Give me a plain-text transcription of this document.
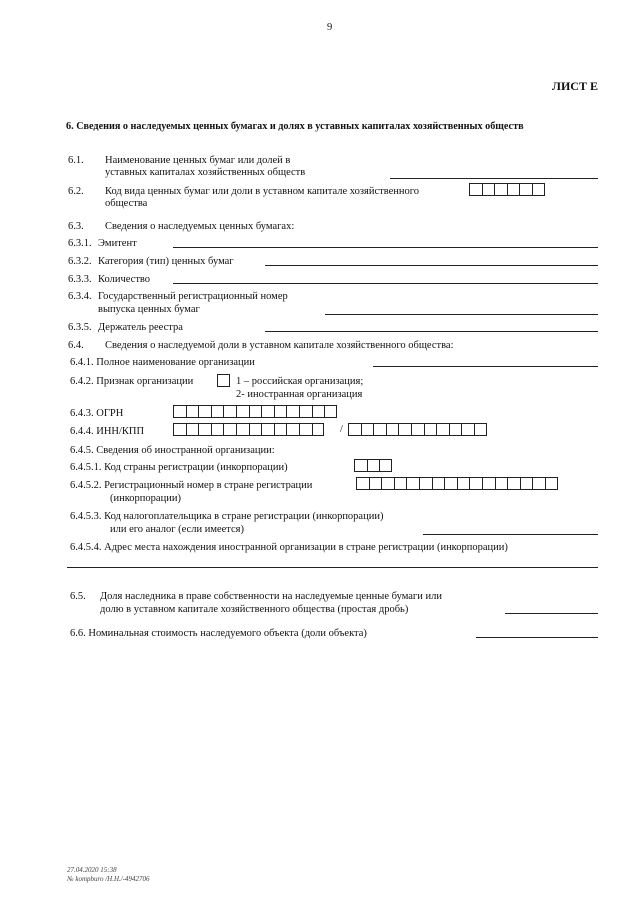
9
ЛИСТ Е
6. Сведения о наследуемых ценных бумагах и долях в уставных капиталах хозяйственных обществ
6.1. Наименование ценных бумаг или долей в
уставных капиталах хозяйственных обществ
6.2. Код вида ценных бумаг или доли в уставном капитале хозяйственного
общества
6.3. Сведения о наследуемых ценных бумагах:
6.3.1. Эмитент
6.3.2. Категория (тип) ценных бумаг
6.3.3. Количество
6.3.4. Государственный регистрационный номер
выпуска ценных бумаг
6.3.5. Держатель реестра
6.4. Сведения о наследуемой доли в уставном капитале хозяйственного общества:
6.4.1. Полное наименование организации
6.4.2. Признак организации	1 – российская организация;
2- иностранная организация
6.4.3. ОГРН
6.4.4. ИНН/КПП	/
6.4.5. Сведения об иностранной организации:
6.4.5.1. Код страны регистрации (инкорпорации)
6.4.5.2. Регистрационный номер в стране регистрации
(инкорпорации)
6.4.5.3. Код налогоплательщика в стране регистрации (инкорпорации)
или его аналог (если имеется)
6.4.5.4. Адрес места нахождения иностранной организации в стране регистрации (инкорпорации)
6.5. Доля наследника в праве собственности на наследуемые ценные бумаги или
долю в уставном капитале хозяйственного общества (простая дробь)
6.6. Номинальная стоимость наследуемого объекта (доли объекта)
27.04.2020 15:38
№ kompburo /Н.Н./-4942706
